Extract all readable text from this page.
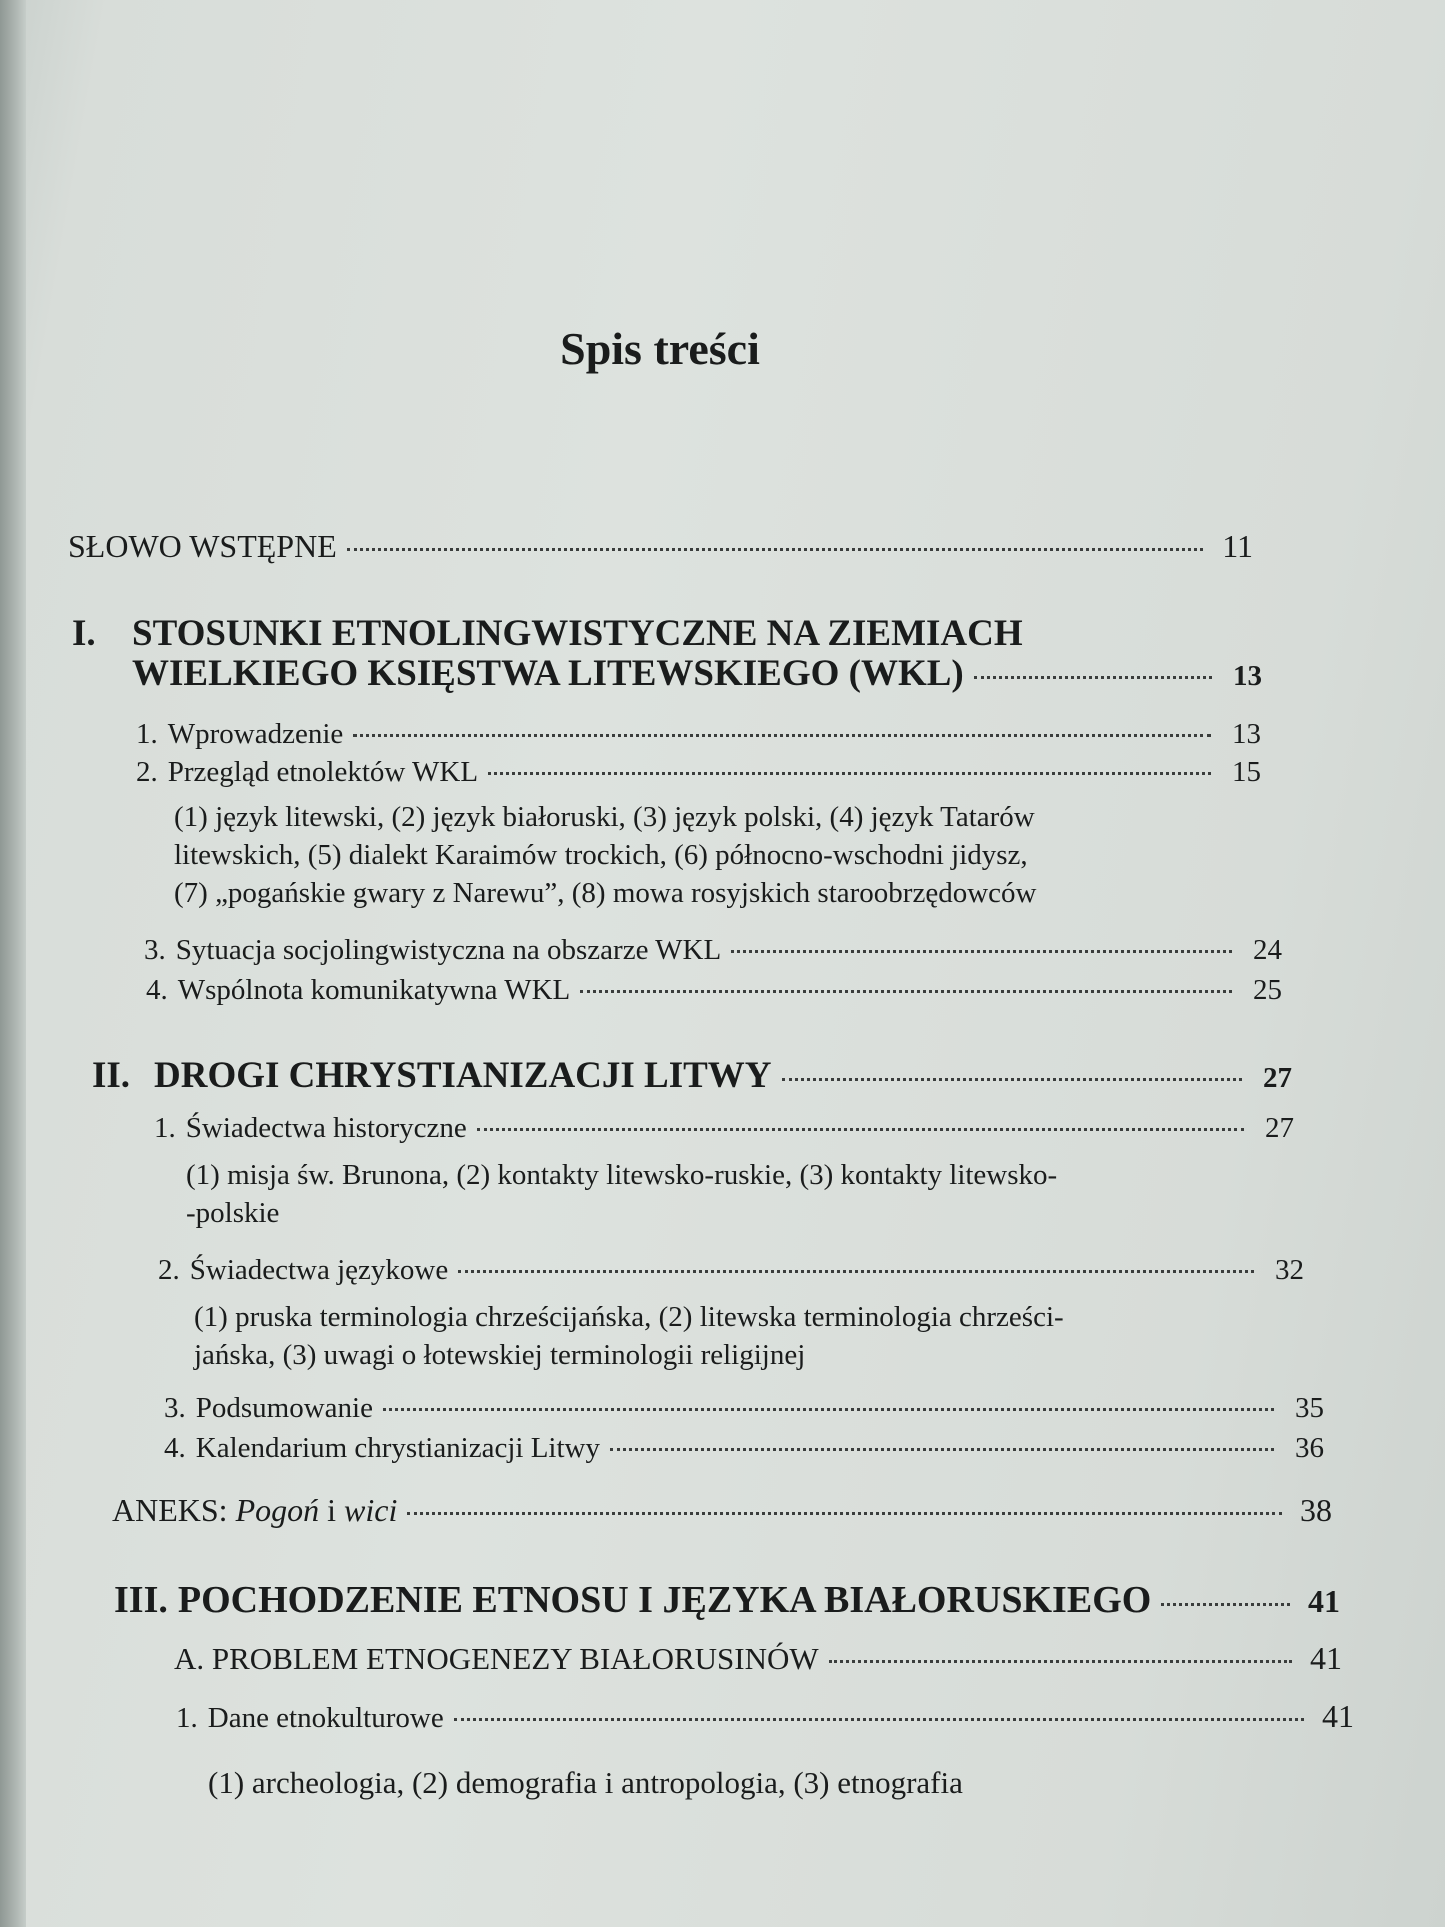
Spis treści
SŁOWO WSTĘPNE	11
I. STOSUNKI ETNOLINGWISTYCZNE NA ZIEMIACH
WIELKIEGO KSIĘSTWA LITEWSKIEGO (WKL)	13
1. Wprowadzenie	13
2. Przegląd etnolektów WKL	15
(1) język litewski, (2) język białoruski, (3) język polski, (4) język Tatarów
litewskich, (5) dialekt Karaimów trockich, (6) północno-wschodni jidysz,
(7) „pogańskie gwary z Narewu”, (8) mowa rosyjskich staroobrzędowców
3. Sytuacja socjolingwistyczna na obszarze WKL	24
4. Wspólnota komunikatywna WKL	25
II. DROGI CHRYSTIANIZACJI LITWY	27
1. Świadectwa historyczne	27
(1) misja św. Brunona, (2) kontakty litewsko-ruskie, (3) kontakty litewsko-
-polskie
2. Świadectwa językowe	32
(1) pruska terminologia chrześcijańska, (2) litewska terminologia chrześci-
jańska, (3) uwagi o łotewskiej terminologii religijnej
3. Podsumowanie	35
4. Kalendarium chrystianizacji Litwy	36
ANEKS: Pogoń i wici	38
III. POCHODZENIE ETNOSU I JĘZYKA BIAŁORUSKIEGO	41
A. PROBLEM ETNOGENEZY BIAŁORUSINÓW	41
1. Dane etnokulturowe	41
(1) archeologia, (2) demografia i antropologia, (3) etnografia
